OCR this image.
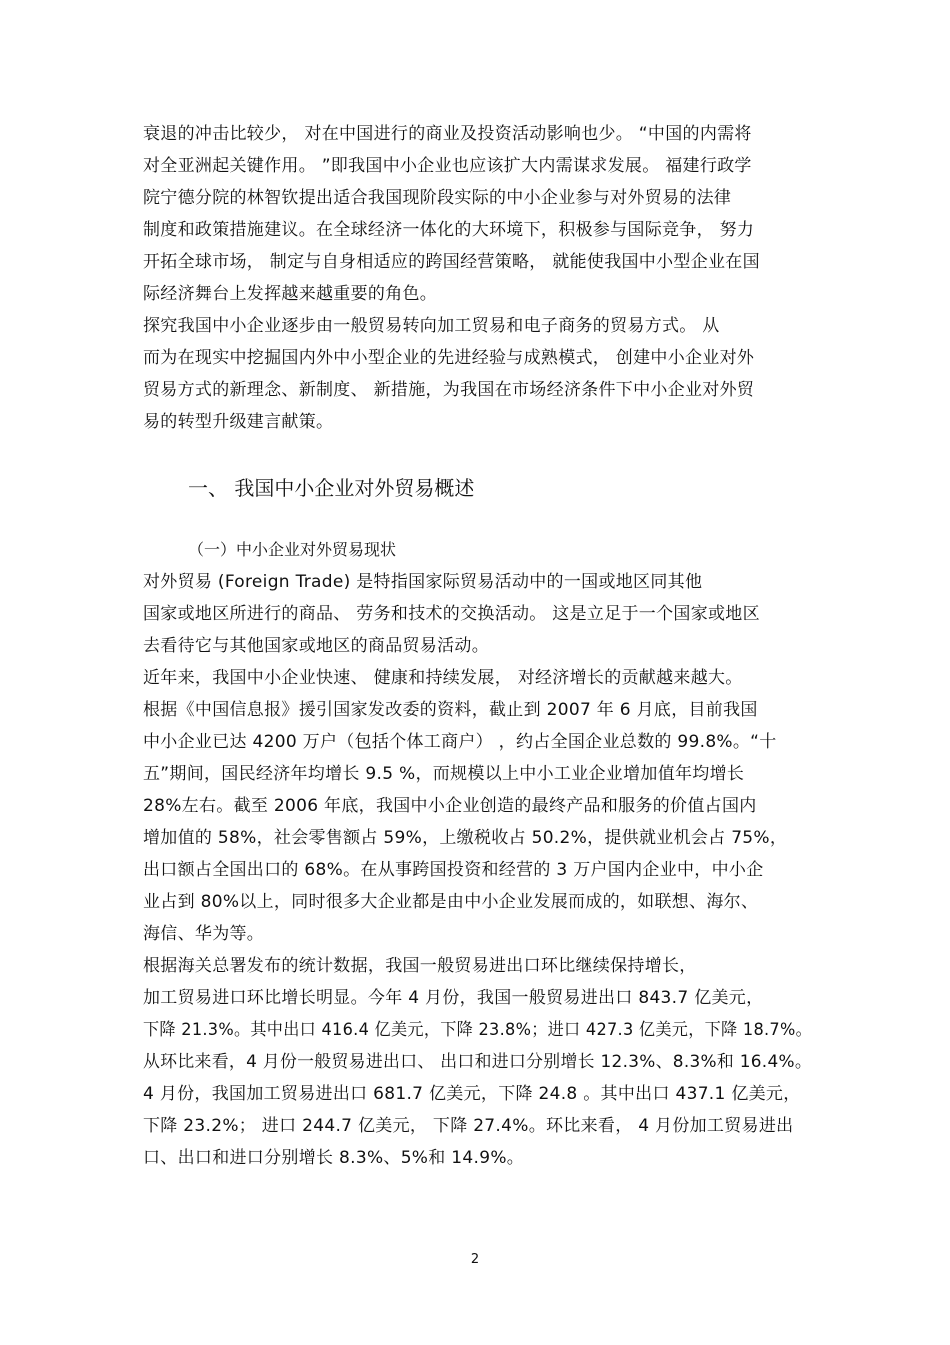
衰退的冲击比较少， 对在中国进行的商业及投资活动影响也少。 “中国的内需将
对全亚洲起关键作用。 ”即我国中小企业也应该扩大内需谋求发展。 福建行政学
院宁德分院的林智钦提出适合我国现阶段实际的中小企业参与对外贸易的法律
制度和政策措施建议。在全球经济一体化的大环境下，积极参与国际竞争， 努力
开拓全球市场， 制定与自身相适应的跨国经营策略， 就能使我国中小型企业在国
际经济舞台上发挥越来越重要的角色。
探究我国中小企业逐步由一般贸易转向加工贸易和电子商务的贸易方式。 从
而为在现实中挖掘国内外中小型企业的先进经验与成熟模式， 创建中小企业对外
贸易方式的新理念、新制度、 新措施，为我国在市场经济条件下中小企业对外贸
易的转型升级建言献策。
一、 我国中小企业对外贸易概述
（一）中小企业对外贸易现状
对外贸易 (Foreign Trade) 是特指国家际贸易活动中的一国或地区同其他
国家或地区所进行的商品、 劳务和技术的交换活动。 这是立足于一个国家或地区
去看待它与其他国家或地区的商品贸易活动。
近年来，我国中小企业快速、 健康和持续发展， 对经济增长的贡献越来越大。
根据《中国信息报》援引国家发改委的资料，截止到 2007 年 6 月底，目前我国
中小企业已达 4200 万户（包括个体工商户） ，约占全国企业总数的 99.8%。“十
五”期间，国民经济年均增长 9.5 %，而规模以上中小工业企业增加值年均增长
28%左右。截至 2006 年底，我国中小企业创造的最终产品和服务的价值占国内
增加值的 58%，社会零售额占 59%，上缴税收占 50.2%，提供就业机会占 75%，
出口额占全国出口的 68%。在从事跨国投资和经营的 3 万户国内企业中，中小企
业占到 80%以上，同时很多大企业都是由中小企业发展而成的，如联想、海尔、
海信、华为等。
根据海关总署发布的统计数据，我国一般贸易进出口环比继续保持增长，
加工贸易进口环比增长明显。今年 4 月份，我国一般贸易进出口 843.7 亿美元，
下降 21.3%。其中出口 416.4 亿美元，下降 23.8%；进口 427.3 亿美元，下降 18.7%。
从环比来看，4 月份一般贸易进出口、 出口和进口分别增长 12.3%、8.3%和 16.4%。
4 月份，我国加工贸易进出口 681.7 亿美元，下降 24.8 。其中出口 437.1 亿美元，
下降 23.2%； 进口 244.7 亿美元， 下降 27.4%。环比来看， 4 月份加工贸易进出
口、出口和进口分别增长 8.3%、5%和 14.9%。
2
